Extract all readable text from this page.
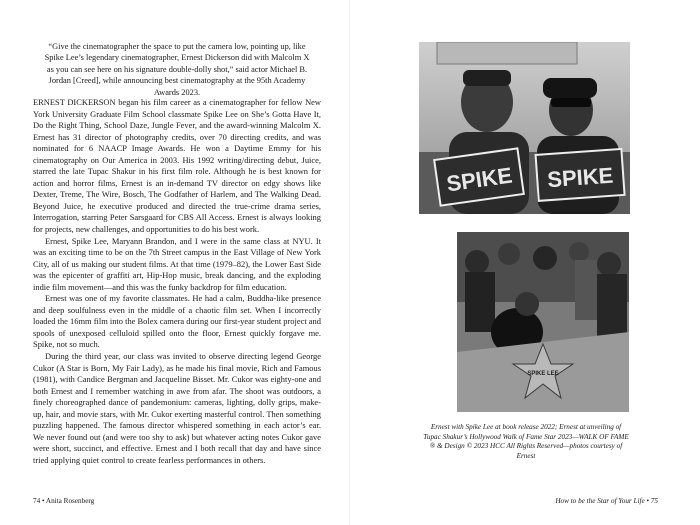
“Give the cinematographer the space to put the camera low, pointing up, like Spike Lee’s legendary cinematographer, Ernest Dickerson did with Malcolm X as you can see here on his signature double-dolly shot,” said actor Michael B. Jordan [Creed], while announcing best cinematography at the 95th Academy Awards 2023.

ERNEST DICKERSON began his film career as a cinematographer for fellow New York University Graduate Film School classmate Spike Lee on She’s Gotta Have It, Do the Right Thing, School Daze, Jungle Fever, and the award-winning Malcolm X. Ernest has 31 director of photography credits, over 70 directing credits, and was nominated for 6 NAACP Image Awards. He won a Daytime Emmy for his cinematography on Our America in 2003. His 1992 writing/directing debut, Juice, starred the late Tupac Shakur in his first film role. Although he is best known for action and horror films, Ernest is an in-demand TV director on edgy shows like Dexter, Treme, The Wire, Bosch, The Godfather of Harlem, and The Walking Dead. Beyond Juice, he executive produced and directed the true-crime drama series, Interrogation, starring Peter Sarsgaard for CBS All Access. Ernest is always looking for projects, new challenges, and opportunities to do his best work.

Ernest, Spike Lee, Maryann Brandon, and I were in the same class at NYU. It was an exciting time to be on the 7th Street campus in the East Village of New York City, all of us making our student films. At that time (1979–82), the Lower East Side was the epicenter of graffiti art, Hip-Hop music, break dancing, and the exploding indie film movement—and this was the funky backdrop for film education.

Ernest was one of my favorite classmates. He had a calm, Buddha-like presence and deep soulfulness even in the middle of a chaotic film set. When I incorrectly loaded the 16mm film into the Bolex camera during our first-year student project and spools of unexposed celluloid spilled onto the floor, Ernest quickly forgave me. Spike, not so much.

During the third year, our class was invited to observe directing legend George Cukor (A Star is Born, My Fair Lady), as he made his final movie, Rich and Famous (1981), with Candice Bergman and Jacqueline Bisset. Mr. Cukor was eighty-one and both Ernest and I remember watching in awe from afar. The shoot was outdoors, a finely choreographed dance of pandemonium: cameras, lighting, dolly grips, make-up, hair, and movie stars, with Mr. Cukor exerting masterful control. Then something puzzling happened. The famous director whispered something in each actor’s ear. We never found out (and were too shy to ask) but whatever acting notes Cukor gave were short, succinct, and effective. Ernest and I both recall that day and have since tried applying quiet control to create fearless performances in others.

74 • Anita Rosenberg
SPIKE SPIKE
SPIKE LEE
Ernest with Spike Lee at book release 2022; Ernest at unveiling of Tupac Shakur’s Hollywood Walk of Fame Star 2023—WALK OF FAME ® & Design © 2023 HCC All Rights Reserved—photos courtesy of Ernest
How to be the Star of Your Life • 75
